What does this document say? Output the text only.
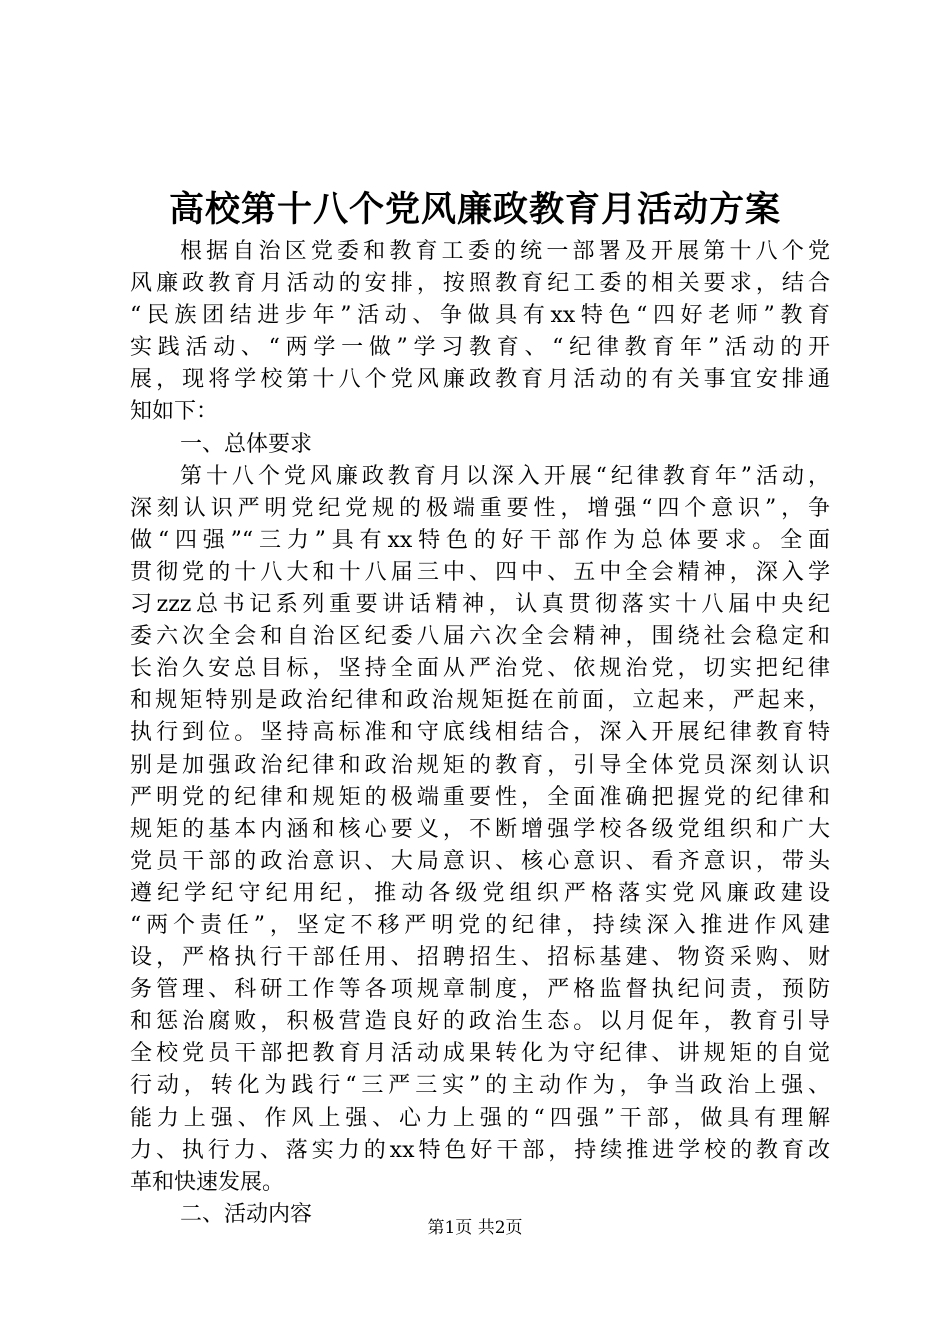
高校第十八个党风廉政教育月活动方案
根据自治区党委和教育工委的统一部署及开展第十八个党
风廉政教育月活动的安排，按照教育纪工委的相关要求，结合
“民族团结进步年”活动、争做具有xx特色“四好老师”教育
实践活动、“两学一做”学习教育、“纪律教育年”活动的开
展，现将学校第十八个党风廉政教育月活动的有关事宜安排通
知如下：
一、总体要求
第十八个党风廉政教育月以深入开展“纪律教育年”活动，
深刻认识严明党纪党规的极端重要性，增强“四个意识”，争
做“四强”“三力”具有xx特色的好干部作为总体要求。全面
贯彻党的十八大和十八届三中、四中、五中全会精神，深入学
习zzz总书记系列重要讲话精神，认真贯彻落实十八届中央纪
委六次全会和自治区纪委八届六次全会精神，围绕社会稳定和
长治久安总目标，坚持全面从严治党、依规治党，切实把纪律
和规矩特别是政治纪律和政治规矩挺在前面，立起来，严起来，
执行到位。坚持高标准和守底线相结合，深入开展纪律教育特
别是加强政治纪律和政治规矩的教育，引导全体党员深刻认识
严明党的纪律和规矩的极端重要性，全面准确把握党的纪律和
规矩的基本内涵和核心要义，不断增强学校各级党组织和广大
党员干部的政治意识、大局意识、核心意识、看齐意识，带头
遵纪学纪守纪用纪，推动各级党组织严格落实党风廉政建设
“两个责任”，坚定不移严明党的纪律，持续深入推进作风建
设，严格执行干部任用、招聘招生、招标基建、物资采购、财
务管理、科研工作等各项规章制度，严格监督执纪问责，预防
和惩治腐败，积极营造良好的政治生态。以月促年，教育引导
全校党员干部把教育月活动成果转化为守纪律、讲规矩的自觉
行动，转化为践行“三严三实”的主动作为，争当政治上强、
能力上强、作风上强、心力上强的“四强”干部，做具有理解
力、执行力、落实力的xx特色好干部，持续推进学校的教育改
革和快速发展。
二、活动内容
第1页 共2页
